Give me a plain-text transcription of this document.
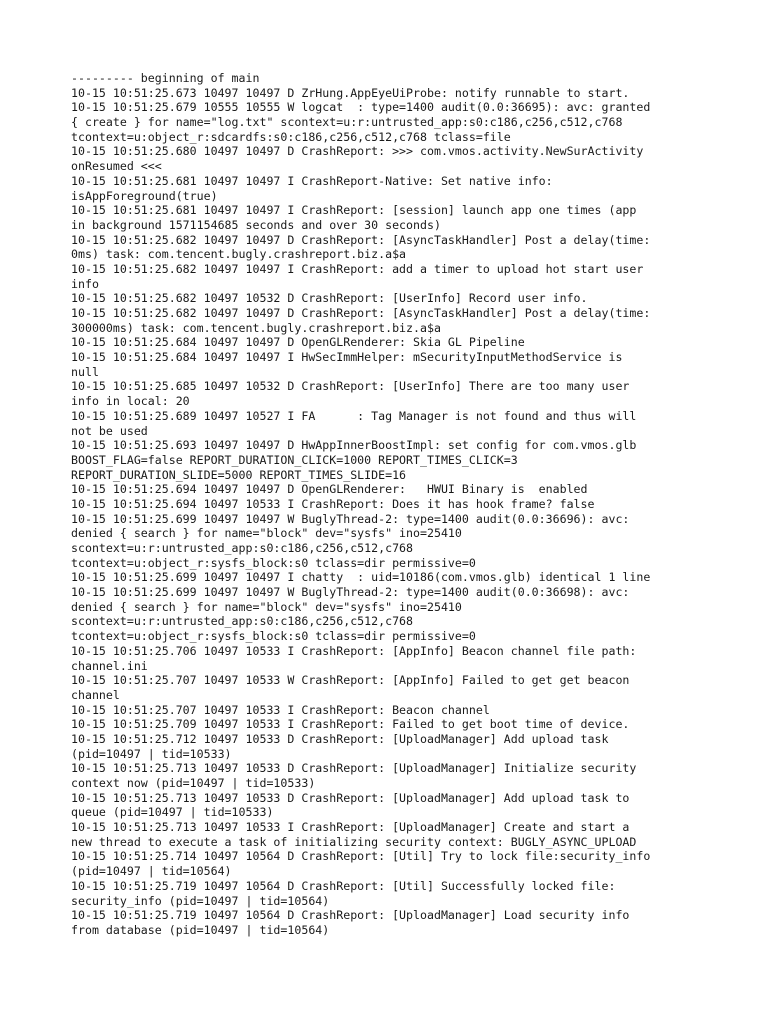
--------- beginning of main
10-15 10:51:25.673 10497 10497 D ZrHung.AppEyeUiProbe: notify runnable to start.
10-15 10:51:25.679 10555 10555 W logcat  : type=1400 audit(0.0:36695): avc: granted
{ create } for name="log.txt" scontext=u:r:untrusted_app:s0:c186,c256,c512,c768
tcontext=u:object_r:sdcardfs:s0:c186,c256,c512,c768 tclass=file
10-15 10:51:25.680 10497 10497 D CrashReport: >>> com.vmos.activity.NewSurActivity
onResumed <<<
10-15 10:51:25.681 10497 10497 I CrashReport-Native: Set native info:
isAppForeground(true)
10-15 10:51:25.681 10497 10497 I CrashReport: [session] launch app one times (app
in background 1571154685 seconds and over 30 seconds)
10-15 10:51:25.682 10497 10497 D CrashReport: [AsyncTaskHandler] Post a delay(time:
0ms) task: com.tencent.bugly.crashreport.biz.a$a
10-15 10:51:25.682 10497 10497 I CrashReport: add a timer to upload hot start user
info
10-15 10:51:25.682 10497 10532 D CrashReport: [UserInfo] Record user info.
10-15 10:51:25.682 10497 10497 D CrashReport: [AsyncTaskHandler] Post a delay(time:
300000ms) task: com.tencent.bugly.crashreport.biz.a$a
10-15 10:51:25.684 10497 10497 D OpenGLRenderer: Skia GL Pipeline
10-15 10:51:25.684 10497 10497 I HwSecImmHelper: mSecurityInputMethodService is
null
10-15 10:51:25.685 10497 10532 D CrashReport: [UserInfo] There are too many user
info in local: 20
10-15 10:51:25.689 10497 10527 I FA      : Tag Manager is not found and thus will
not be used
10-15 10:51:25.693 10497 10497 D HwAppInnerBoostImpl: set config for com.vmos.glb
BOOST_FLAG=false REPORT_DURATION_CLICK=1000 REPORT_TIMES_CLICK=3
REPORT_DURATION_SLIDE=5000 REPORT_TIMES_SLIDE=16
10-15 10:51:25.694 10497 10497 D OpenGLRenderer:   HWUI Binary is  enabled
10-15 10:51:25.694 10497 10533 I CrashReport: Does it has hook frame? false
10-15 10:51:25.699 10497 10497 W BuglyThread-2: type=1400 audit(0.0:36696): avc:
denied { search } for name="block" dev="sysfs" ino=25410
scontext=u:r:untrusted_app:s0:c186,c256,c512,c768
tcontext=u:object_r:sysfs_block:s0 tclass=dir permissive=0
10-15 10:51:25.699 10497 10497 I chatty  : uid=10186(com.vmos.glb) identical 1 line
10-15 10:51:25.699 10497 10497 W BuglyThread-2: type=1400 audit(0.0:36698): avc:
denied { search } for name="block" dev="sysfs" ino=25410
scontext=u:r:untrusted_app:s0:c186,c256,c512,c768
tcontext=u:object_r:sysfs_block:s0 tclass=dir permissive=0
10-15 10:51:25.706 10497 10533 I CrashReport: [AppInfo] Beacon channel file path:
channel.ini
10-15 10:51:25.707 10497 10533 W CrashReport: [AppInfo] Failed to get get beacon
channel
10-15 10:51:25.707 10497 10533 I CrashReport: Beacon channel
10-15 10:51:25.709 10497 10533 I CrashReport: Failed to get boot time of device.
10-15 10:51:25.712 10497 10533 D CrashReport: [UploadManager] Add upload task
(pid=10497 | tid=10533)
10-15 10:51:25.713 10497 10533 D CrashReport: [UploadManager] Initialize security
context now (pid=10497 | tid=10533)
10-15 10:51:25.713 10497 10533 D CrashReport: [UploadManager] Add upload task to
queue (pid=10497 | tid=10533)
10-15 10:51:25.713 10497 10533 I CrashReport: [UploadManager] Create and start a
new thread to execute a task of initializing security context: BUGLY_ASYNC_UPLOAD
10-15 10:51:25.714 10497 10564 D CrashReport: [Util] Try to lock file:security_info
(pid=10497 | tid=10564)
10-15 10:51:25.719 10497 10564 D CrashReport: [Util] Successfully locked file:
security_info (pid=10497 | tid=10564)
10-15 10:51:25.719 10497 10564 D CrashReport: [UploadManager] Load security info
from database (pid=10497 | tid=10564)
